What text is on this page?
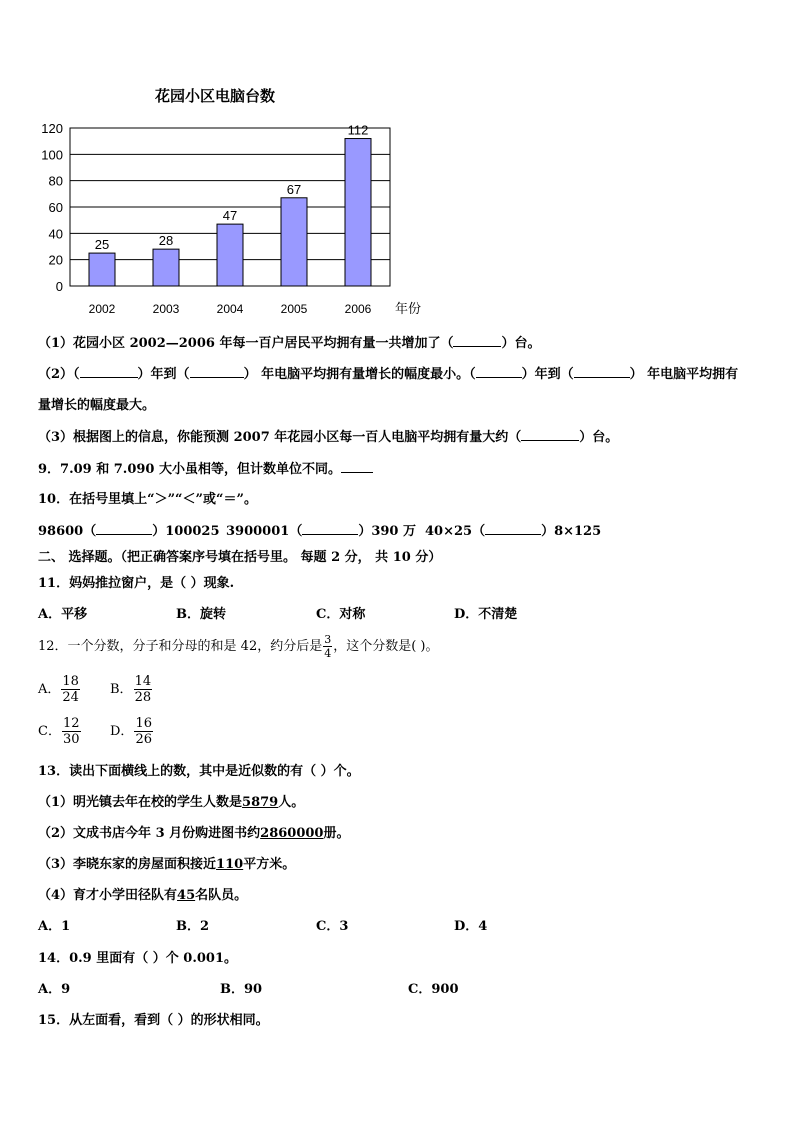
花园小区电脑台数
0
20
40
60
80
100
120
25	28
47
67
112
2002	2003	2004	2005	2006 年份
（1）花园小区 2002—2006 年每一百户居民平均拥有量一共增加了（	）台。
（2）（	）年到（	） 年电脑平均拥有量增长的幅度最小。（	）年到（	） 年电脑平均拥有
量增长的幅度最大。
（3）根据图上的信息，你能预测 2007 年花园小区每一百人电脑平均拥有量大约（	）台。
9．7.09 和 7.090 大小虽相等，但计数单位不同。
10．在括号里填上“＞”“＜”或“＝”。
98600（	）100025 3900001（	）390 万 40×25（	）8×125
二、 选择题。（把正确答案序号填在括号里。 每题 2 分， 共 10 分）
11．妈妈推拉窗户，是（ ）现象.
A．平移	B．旋转	C．对称	D．不清楚
12．一个分数，分子和分母的和是 42，约分后是 $\frac{3}{4}$ ，这个分数是( )。
A． $\frac{18}{24}$ B． $\frac{14}{28}$
C． $\frac{12}{30}$ D． $\frac{16}{26}$
13．读出下面横线上的数，其中是近似数的有（ ）个。
（1）明光镇去年在校的学生人数是5879人。
（2）文成书店今年 3 月份购进图书约2860000册。
（3）李晓东家的房屋面积接近110平方米。
（4）育才小学田径队有45名队员。
A．1	B．2	C．3	D．4
14．0.9 里面有（ ）个 0.001。
A．9	B．90	C．900
15．从左面看，看到（ ）的形状相同。
